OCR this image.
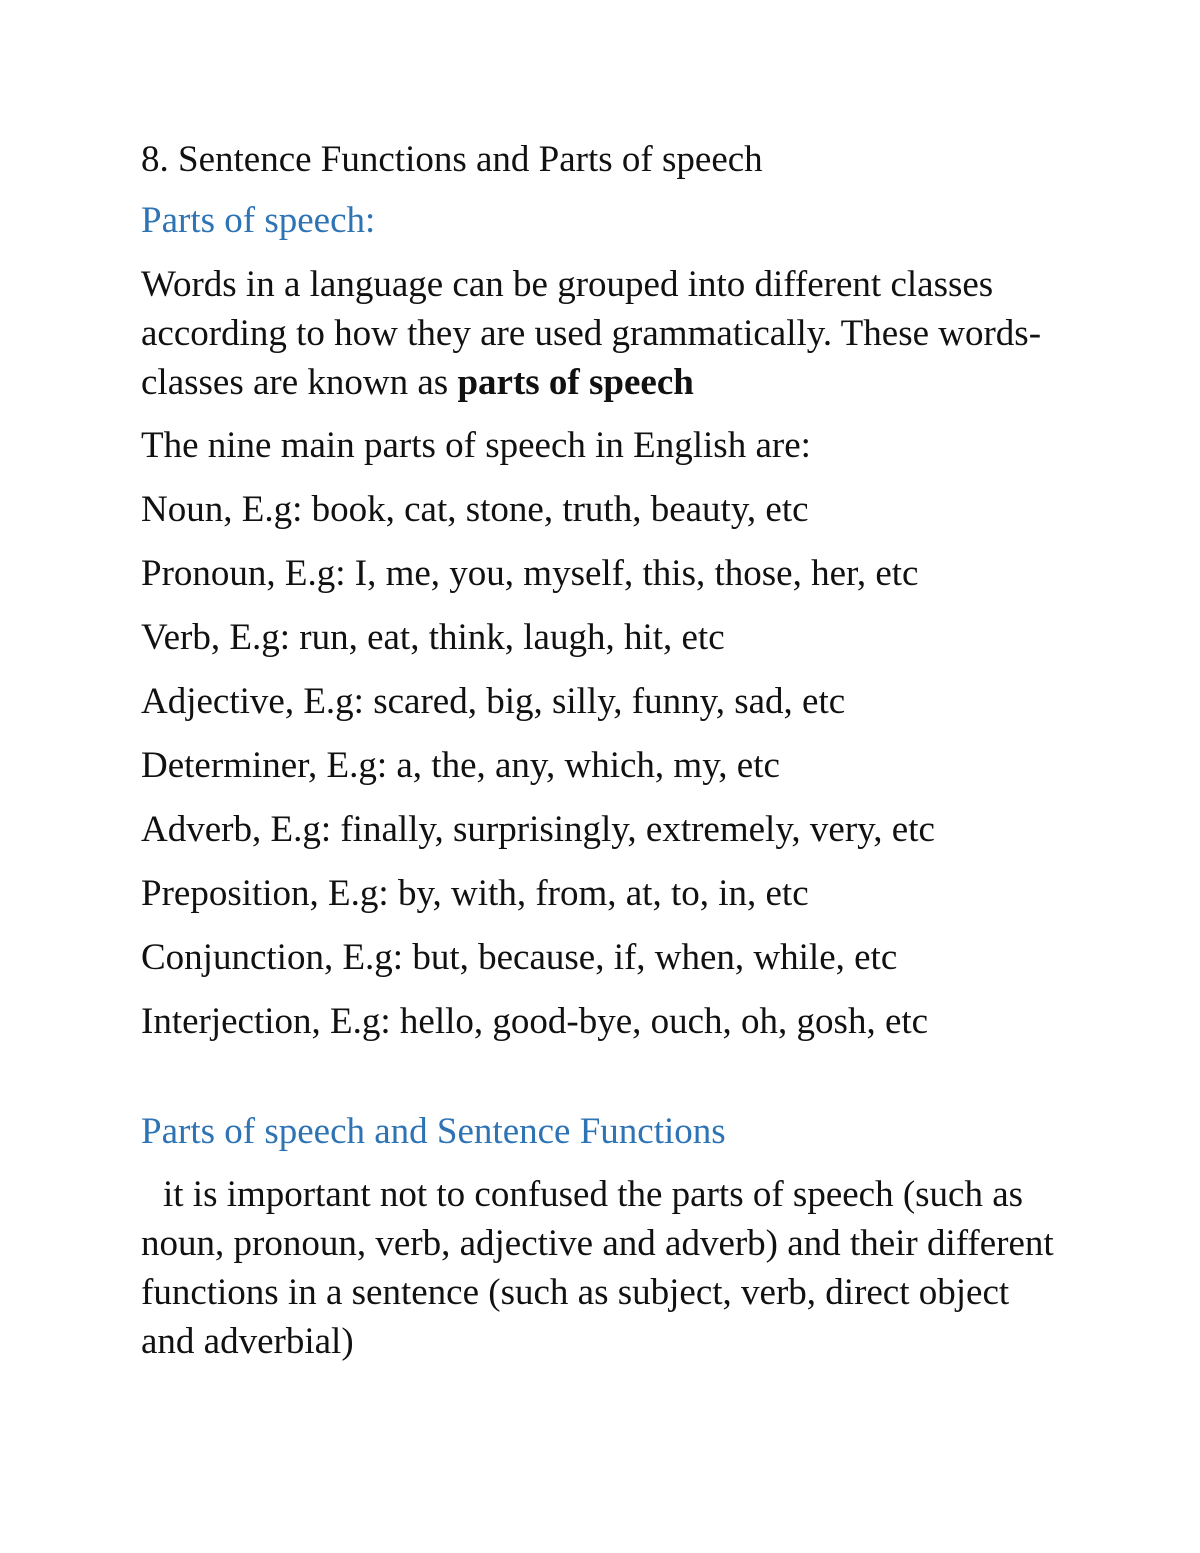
8. Sentence Functions and Parts of speech

Parts of speech:

Words in a language can be grouped into different classes according to how they are used grammatically. These words-classes are known as parts of speech

The nine main parts of speech in English are:

Noun, E.g: book, cat, stone, truth, beauty, etc

Pronoun, E.g: I, me, you, myself, this, those, her, etc

Verb, E.g: run, eat, think, laugh, hit, etc

Adjective, E.g: scared, big, silly, funny, sad, etc

Determiner, E.g: a, the, any, which, my, etc

Adverb, E.g: finally, surprisingly, extremely, very, etc

Preposition, E.g: by, with, from, at, to, in, etc

Conjunction, E.g: but, because, if, when, while, etc

Interjection, E.g: hello, good-bye, ouch, oh, gosh, etc

Parts of speech and Sentence Functions

it is important not to confused the parts of speech (such as noun, pronoun, verb, adjective and adverb) and their different functions in a sentence (such as subject, verb, direct object and adverbial)
